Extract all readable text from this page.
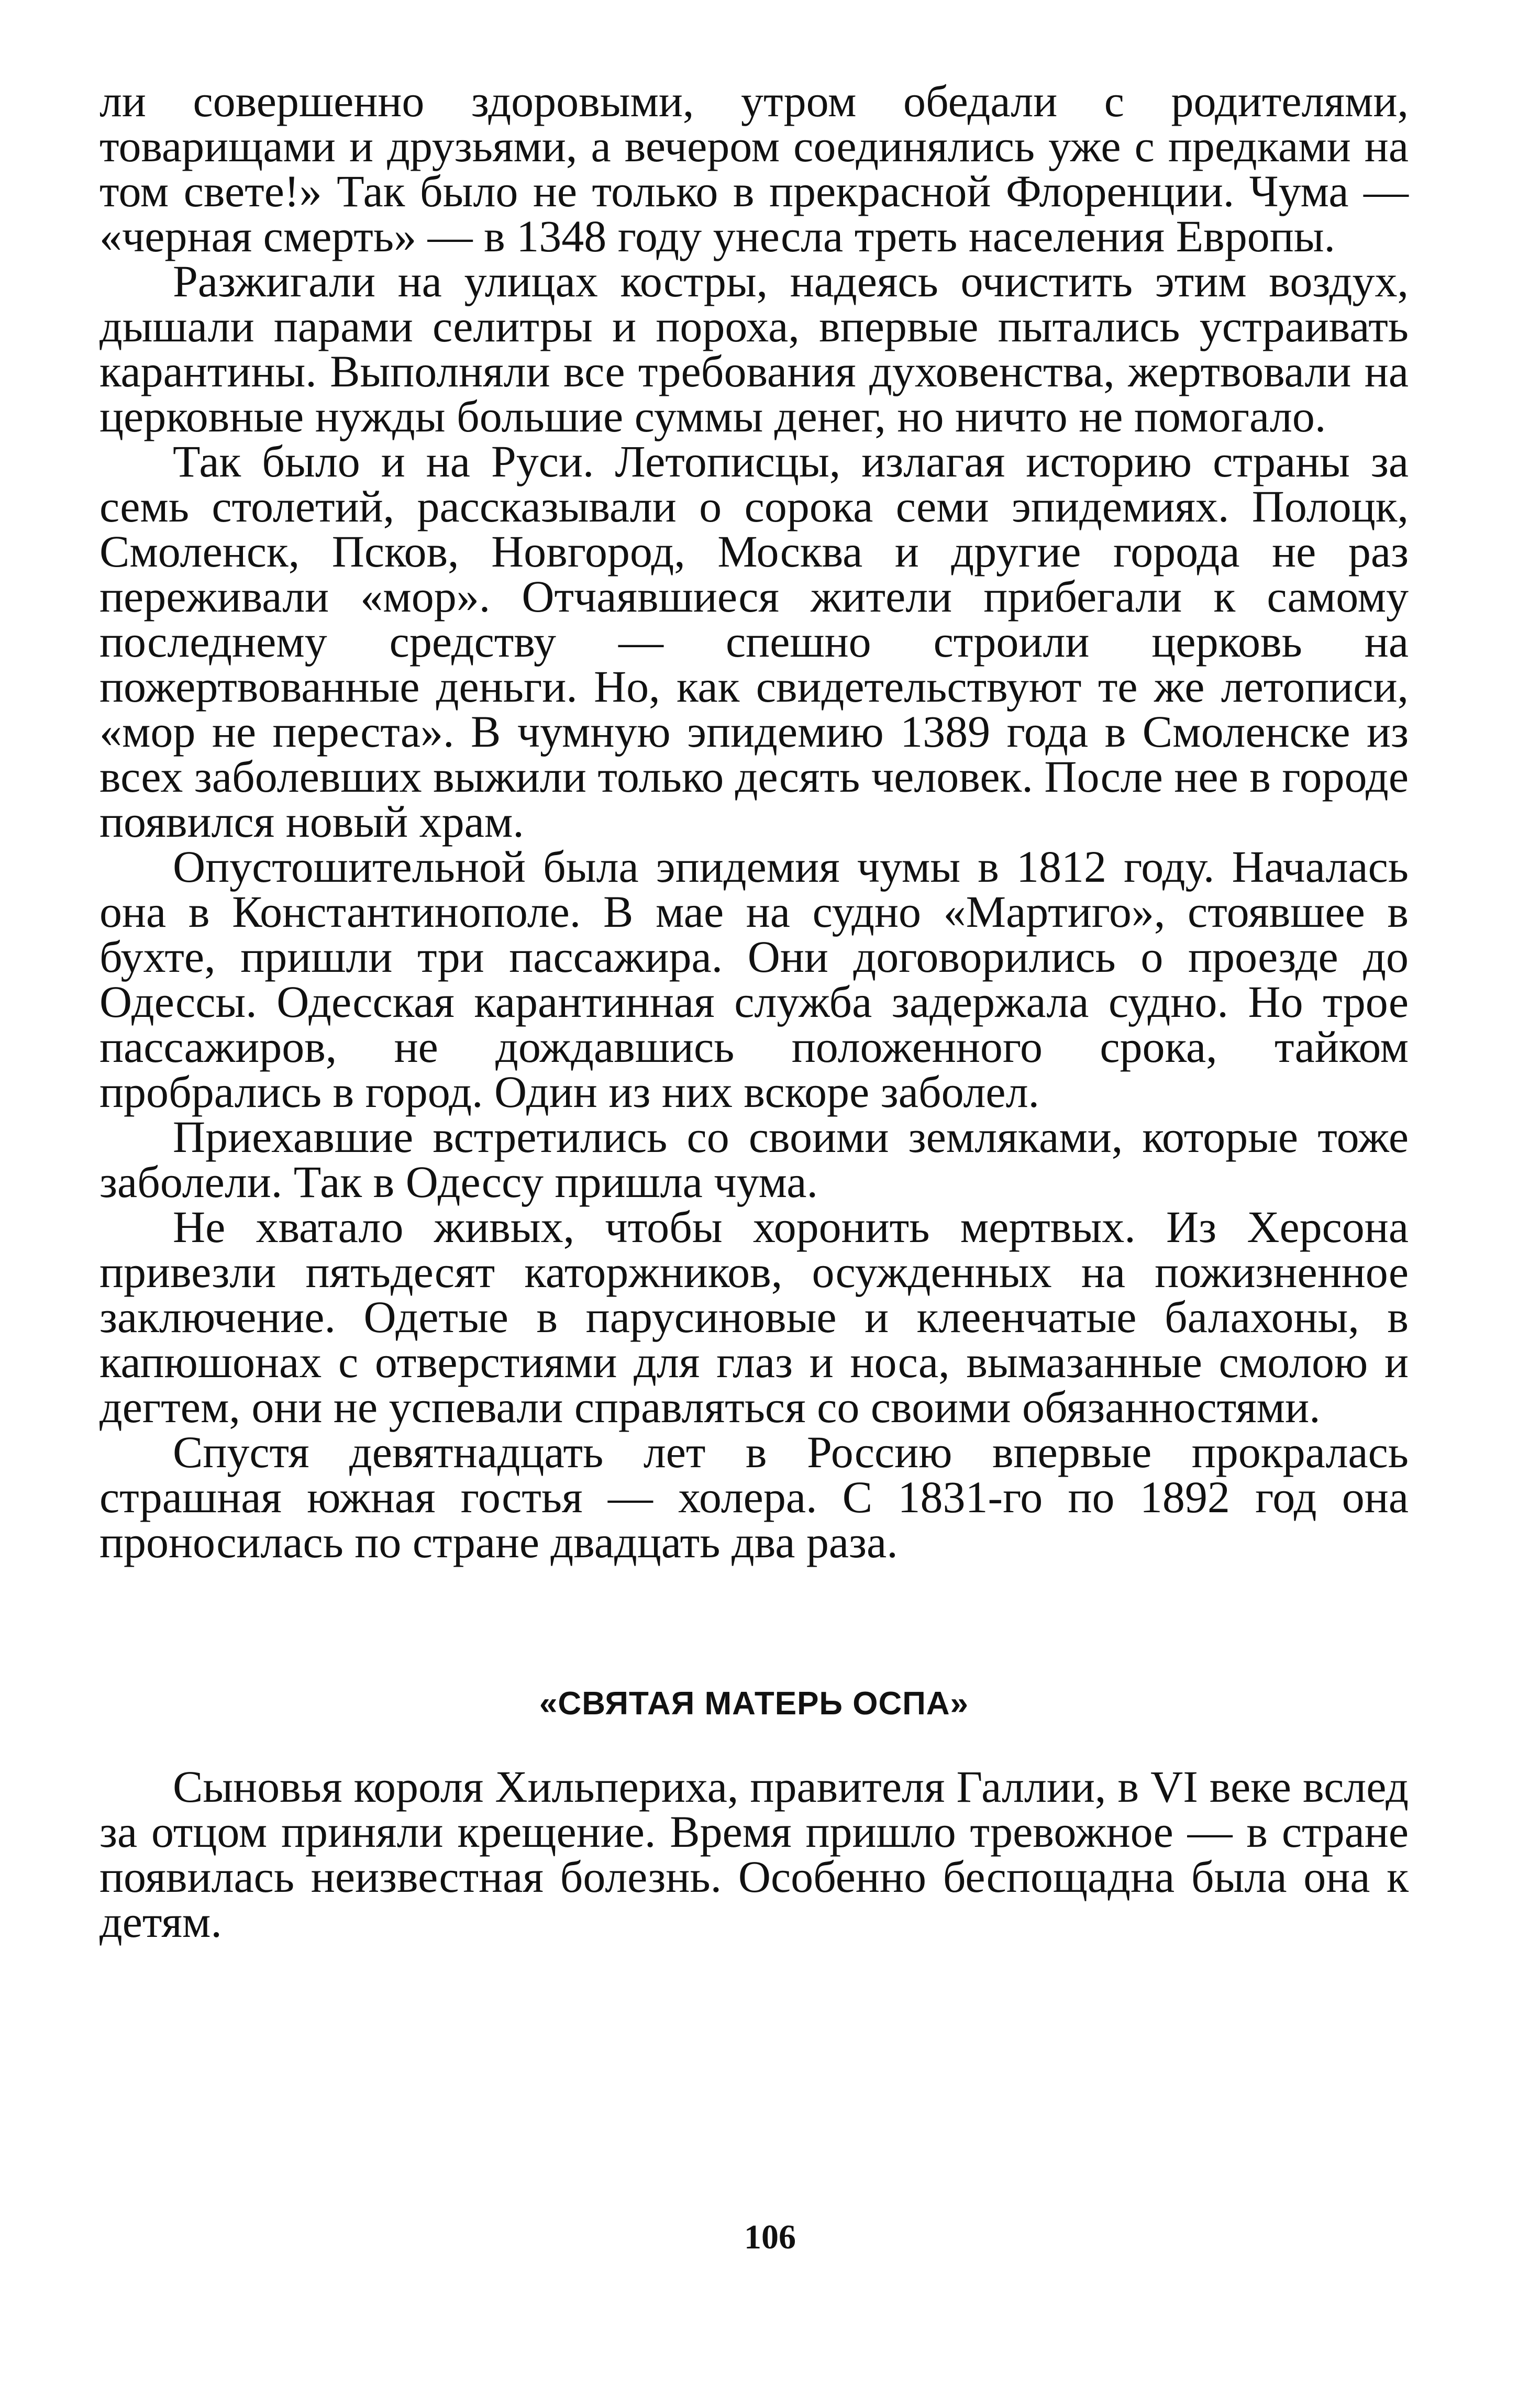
ли совершенно здоровыми, утром обедали с родителями, товарищами и друзьями, а вечером соединялись уже с предками на том свете!» Так было не только в прекрасной Флоренции. Чума — «черная смерть» — в 1348 году унесла треть населения Европы.

Разжигали на улицах костры, надеясь очистить этим воздух, дышали парами селитры и пороха, впервые пытались устраивать карантины. Выполняли все требования духовенства, жертвовали на церковные нужды большие суммы денег, но ничто не помогало.

Так было и на Руси. Летописцы, излагая историю страны за семь столетий, рассказывали о сорока семи эпидемиях. Полоцк, Смоленск, Псков, Новгород, Москва и другие города не раз переживали «мор». Отчаявшиеся жители прибегали к самому последнему средству — спешно строили церковь на пожертвованные деньги. Но, как свидетельствуют те же летописи, «мор не переста». В чумную эпидемию 1389 года в Смоленске из всех заболевших выжили только десять человек. После нее в городе появился новый храм.

Опустошительной была эпидемия чумы в 1812 году. Началась она в Константинополе. В мае на судно «Мартиго», стоявшее в бухте, пришли три пассажира. Они договорились о проезде до Одессы. Одесская карантинная служба задержала судно. Но трое пассажиров, не дождавшись положенного срока, тайком пробрались в город. Один из них вскоре заболел.

Приехавшие встретились со своими земляками, которые тоже заболели. Так в Одессу пришла чума.

Не хватало живых, чтобы хоронить мертвых. Из Херсона привезли пятьдесят каторжников, осужденных на пожизненное заключение. Одетые в парусиновые и клеенчатые балахоны, в капюшонах с отверстиями для глаз и носа, вымазанные смолою и дегтем, они не успевали справляться со своими обязанностями.

Спустя девятнадцать лет в Россию впервые прокралась страшная южная гостья — холера. С 1831-го по 1892 год она проносилась по стране двадцать два раза.

«СВЯТАЯ МАТЕРЬ ОСПА»

Сыновья короля Хильпериха, правителя Галлии, в VI веке вслед за отцом приняли крещение. Время пришло тревожное — в стране появилась неизвестная болезнь. Особенно беспощадна была она к детям.

106
